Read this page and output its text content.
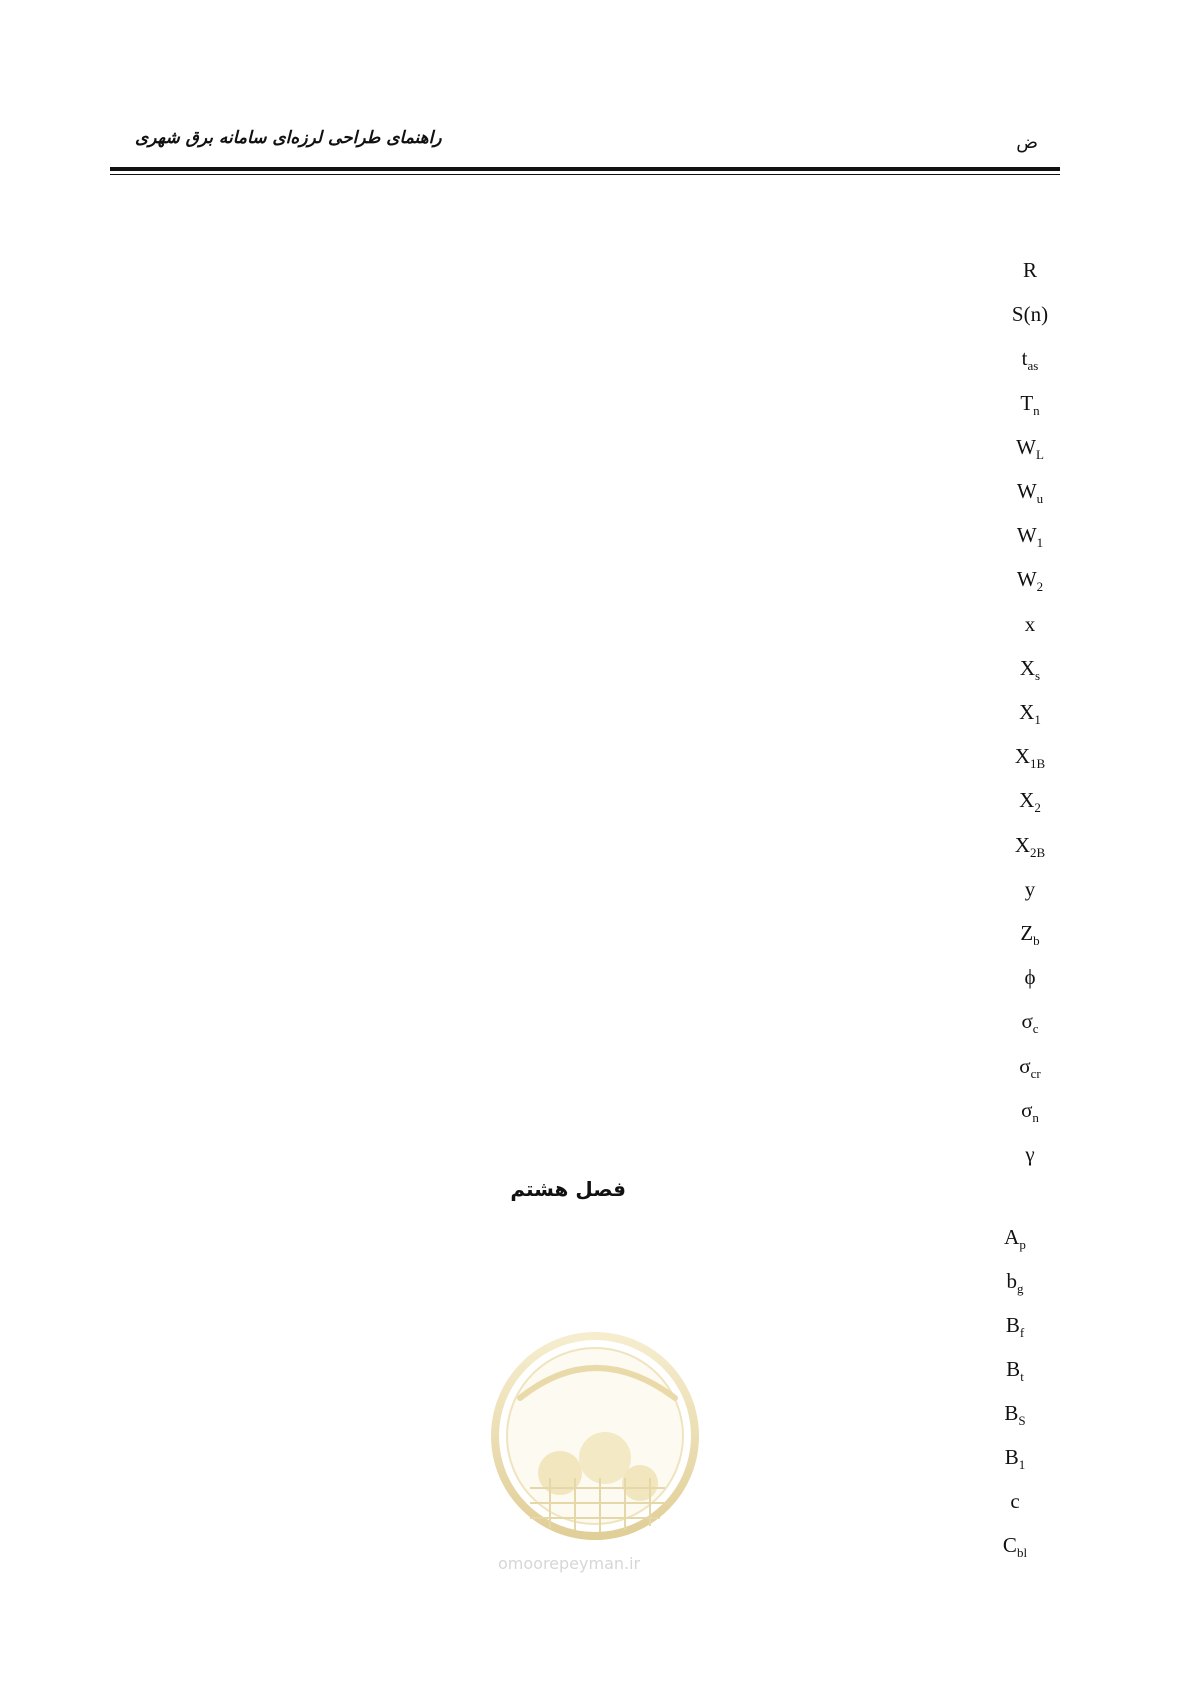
راهنمای طراحی لرزه‌ای سامانه برق شهری	ض
R
S(n)
$t_{as}$
$T_n$
$W_L$
$W_u$
$W_1$
$W_2$
x
$X_s$
$X_1$
$X_{1B}$
$X_2$
$X_{2B}$
y
$Z_b$
ϕ
$\sigma_c$
$\sigma_{cr}$
$\sigma_n$
γ
فصل هشتم
$A_p$
$b_g$
$B_f$
$B_t$
$B_S$
$B_1$
c
$C_{bl}$
omoorepeyman.ir
